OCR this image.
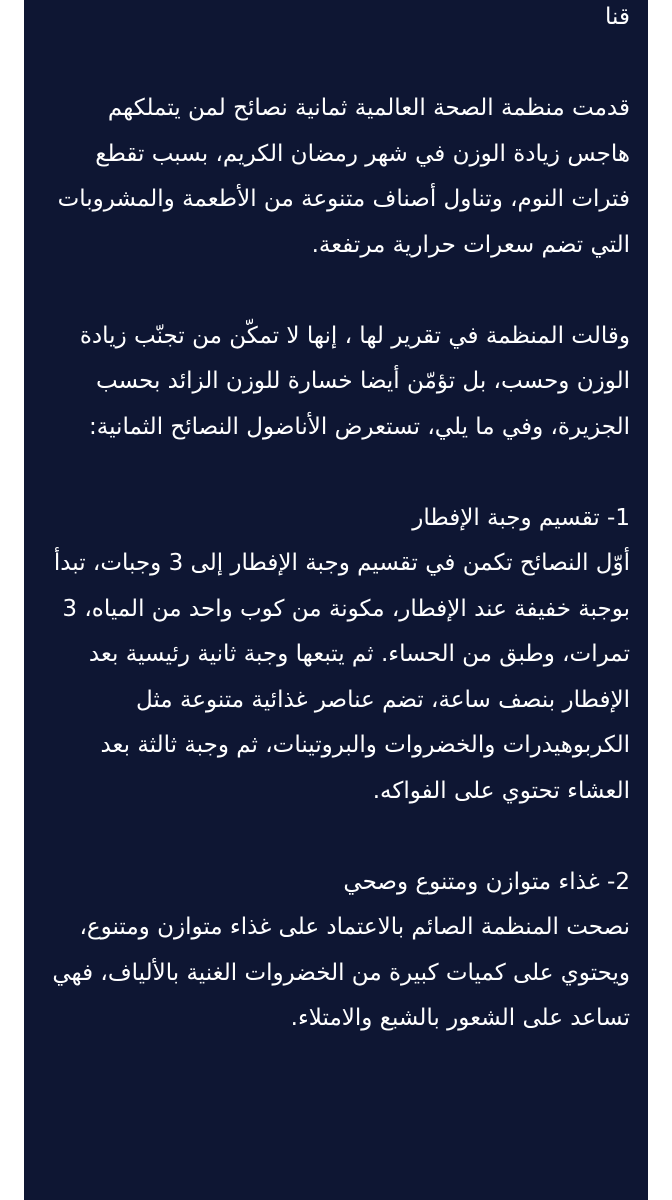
قنا

قدمت منظمة الصحة العالمية ثمانية نصائح لمن يتملكهم هاجس زيادة الوزن في شهر رمضان الكريم، بسبب تقطع فترات النوم، وتناول أصناف متنوعة من الأطعمة والمشروبات التي تضم سعرات حرارية مرتفعة.

وقالت المنظمة في تقرير لها ، إنها لا تمكّن من تجنّب زيادة الوزن وحسب، بل تؤمّن أيضا خسارة للوزن الزائد بحسب الجزيرة، وفي ما يلي، تستعرض الأناضول النصائح الثمانية:

1- تقسيم وجبة الإفطار

أوّل النصائح تكمن في تقسيم وجبة الإفطار إلى 3 وجبات، تبدأ بوجبة خفيفة عند الإفطار، مكونة من كوب واحد من المياه، 3 تمرات، وطبق من الحساء. ثم يتبعها وجبة ثانية رئيسية بعد الإفطار بنصف ساعة، تضم عناصر غذائية متنوعة مثل الكربوهيدرات والخضروات والبروتينات، ثم وجبة ثالثة بعد العشاء تحتوي على الفواكه.

2- غذاء متوازن ومتنوع وصحي

نصحت المنظمة الصائم بالاعتماد على غذاء متوازن ومتنوع، ويحتوي على كميات كبيرة من الخضروات الغنية بالألياف، فهي تساعد على الشعور بالشبع والامتلاء.
